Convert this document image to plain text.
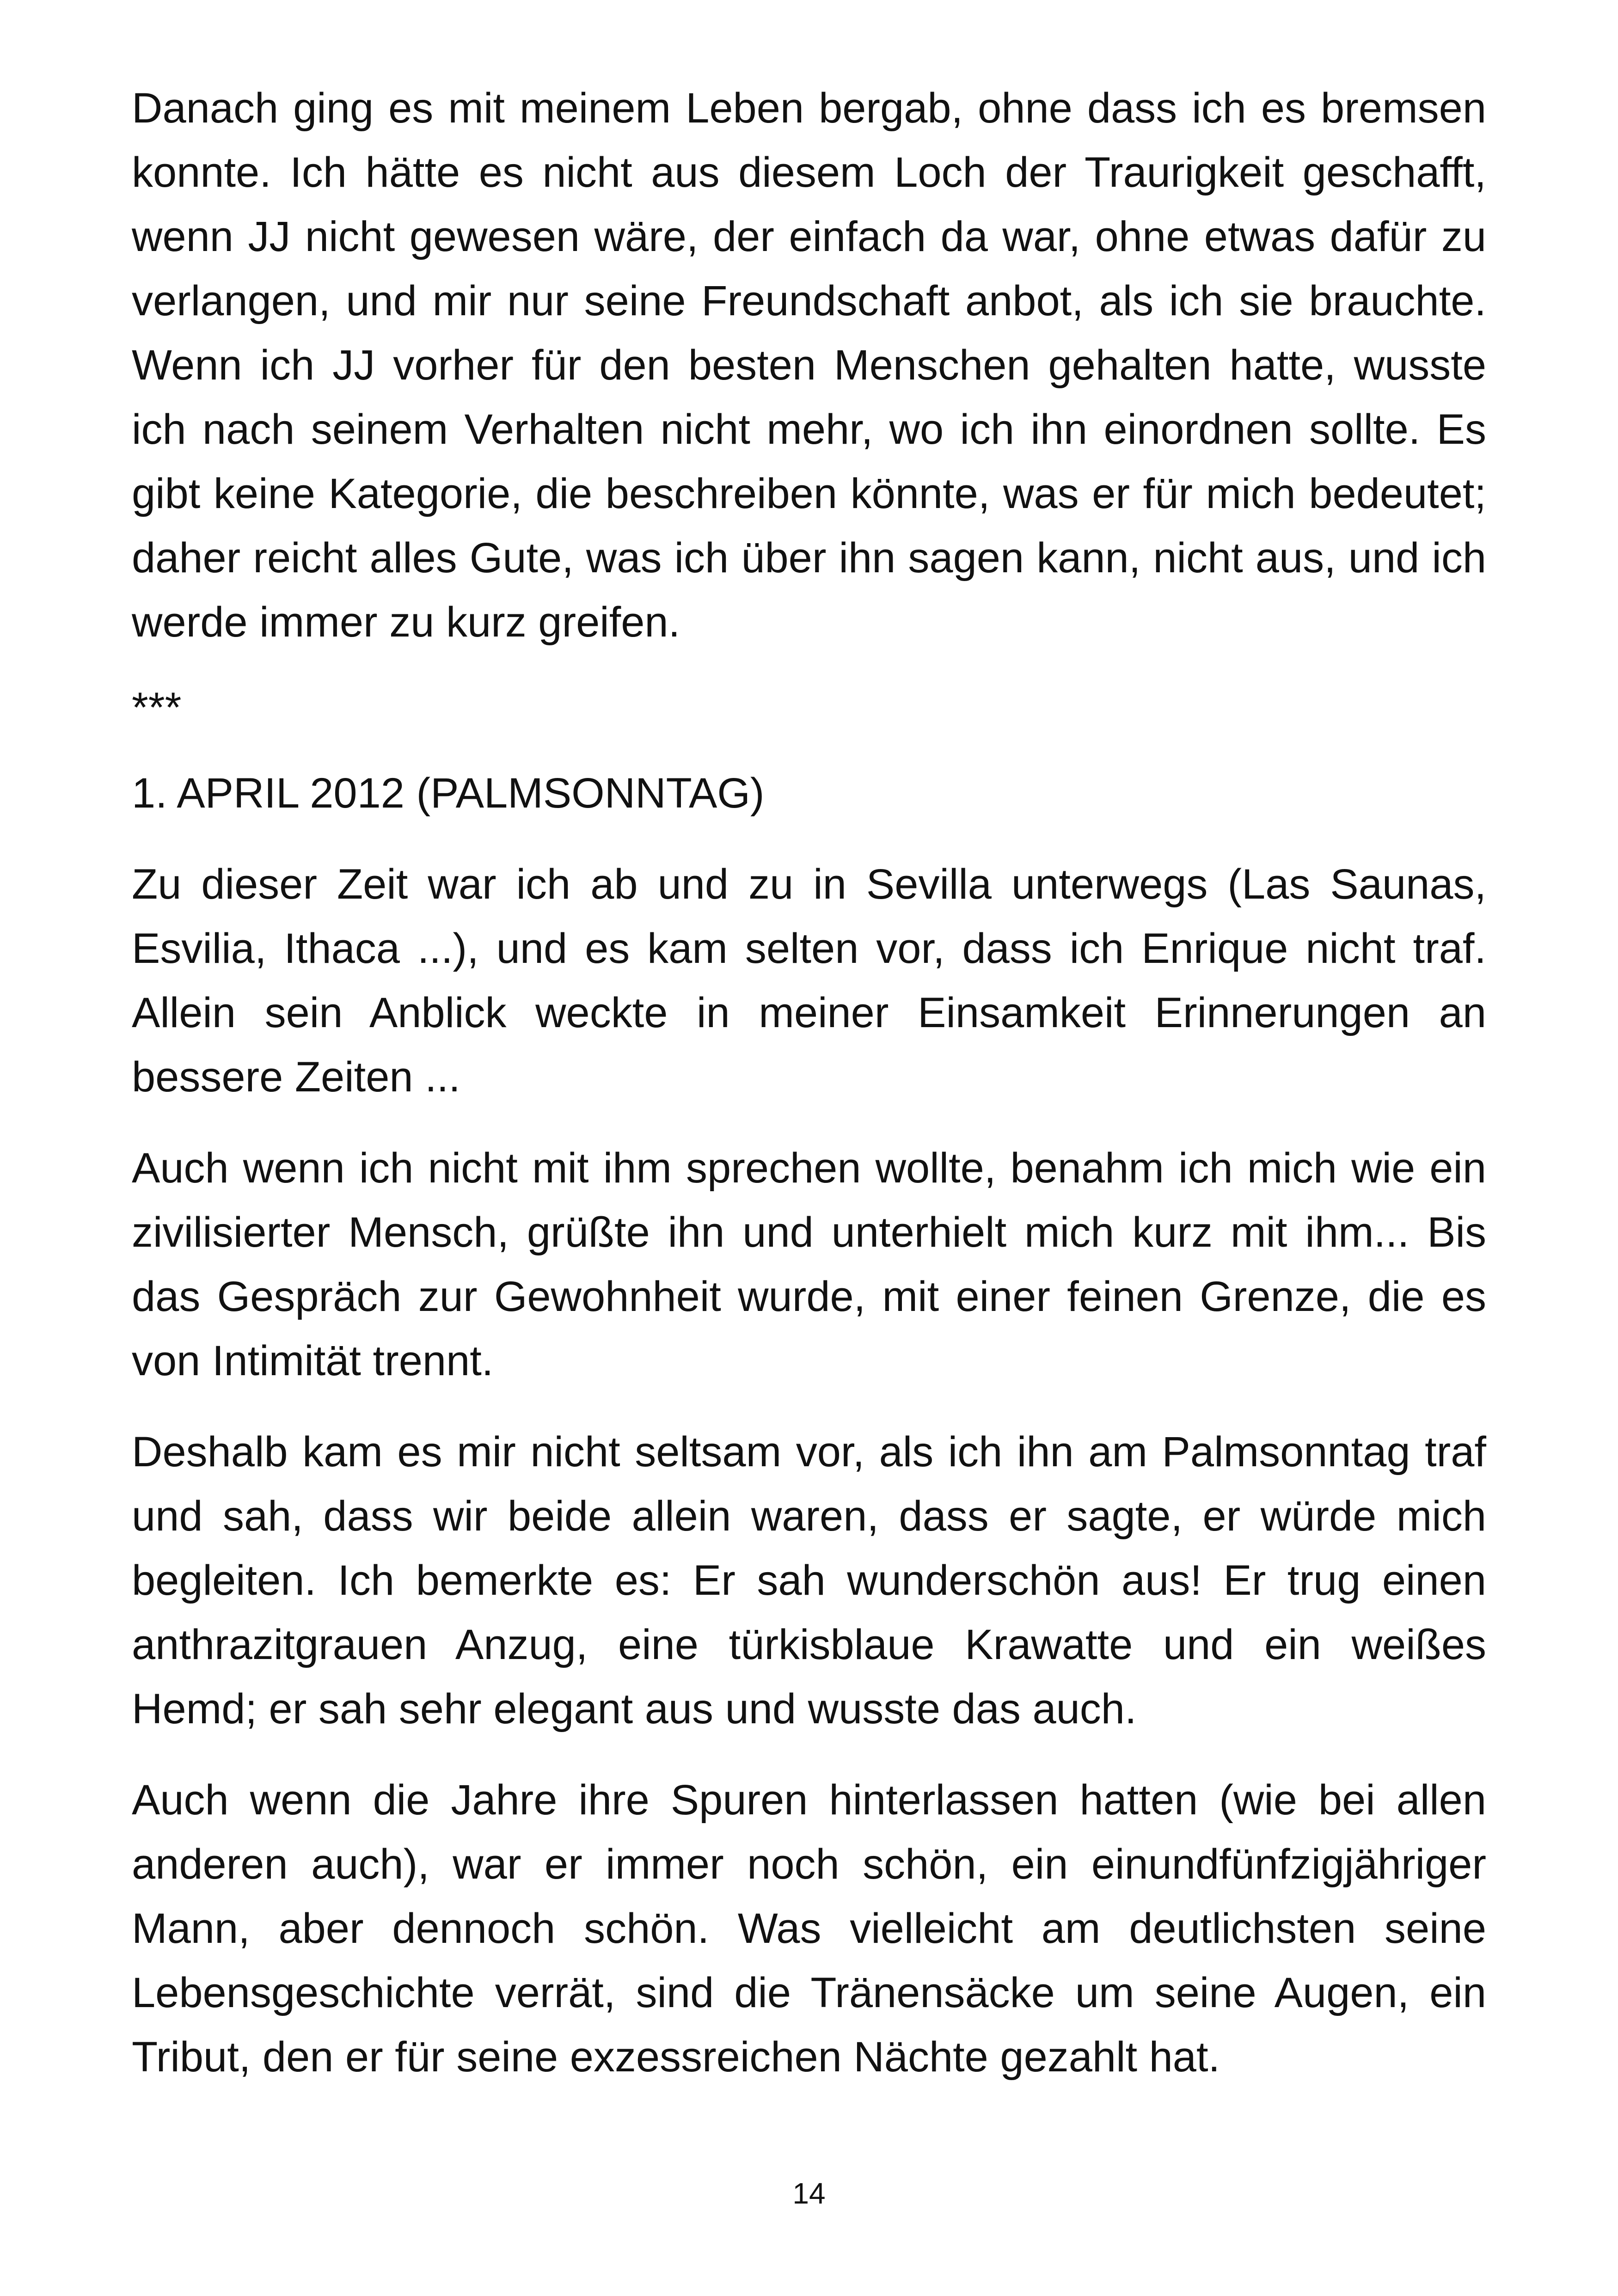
Danach ging es mit meinem Leben bergab, ohne dass ich es bremsen konnte. Ich hätte es nicht aus diesem Loch der Traurigkeit geschafft, wenn JJ nicht gewesen wäre, der einfach da war, ohne etwas dafür zu verlangen, und mir nur seine Freundschaft anbot, als ich sie brauchte. Wenn ich JJ vorher für den besten Menschen gehalten hatte, wusste ich nach seinem Verhalten nicht mehr, wo ich ihn einordnen sollte. Es gibt keine Kategorie, die beschreiben könnte, was er für mich bedeutet; daher reicht alles Gute, was ich über ihn sagen kann, nicht aus, und ich werde immer zu kurz greifen.

***

1. APRIL 2012 (PALMSONNTAG)

Zu dieser Zeit war ich ab und zu in Sevilla unterwegs (Las Saunas, Esvilia, Ithaca ...), und es kam selten vor, dass ich Enrique nicht traf. Allein sein Anblick weckte in meiner Einsamkeit Erinnerungen an bessere Zeiten ...

Auch wenn ich nicht mit ihm sprechen wollte, benahm ich mich wie ein zivilisierter Mensch, grüßte ihn und unterhielt mich kurz mit ihm... Bis das Gespräch zur Gewohnheit wurde, mit einer feinen Grenze, die es von Intimität trennt.

Deshalb kam es mir nicht seltsam vor, als ich ihn am Palmsonntag traf und sah, dass wir beide allein waren, dass er sagte, er würde mich begleiten. Ich bemerkte es: Er sah wunderschön aus! Er trug einen anthrazitgrauen Anzug, eine türkisblaue Krawatte und ein weißes Hemd; er sah sehr elegant aus und wusste das auch.

Auch wenn die Jahre ihre Spuren hinterlassen hatten (wie bei allen anderen auch), war er immer noch schön, ein einundfünfzigjähriger Mann, aber dennoch schön. Was vielleicht am deutlichsten seine Lebensgeschichte verrät, sind die Tränensäcke um seine Augen, ein Tribut, den er für seine exzessreichen Nächte gezahlt hat.

14
